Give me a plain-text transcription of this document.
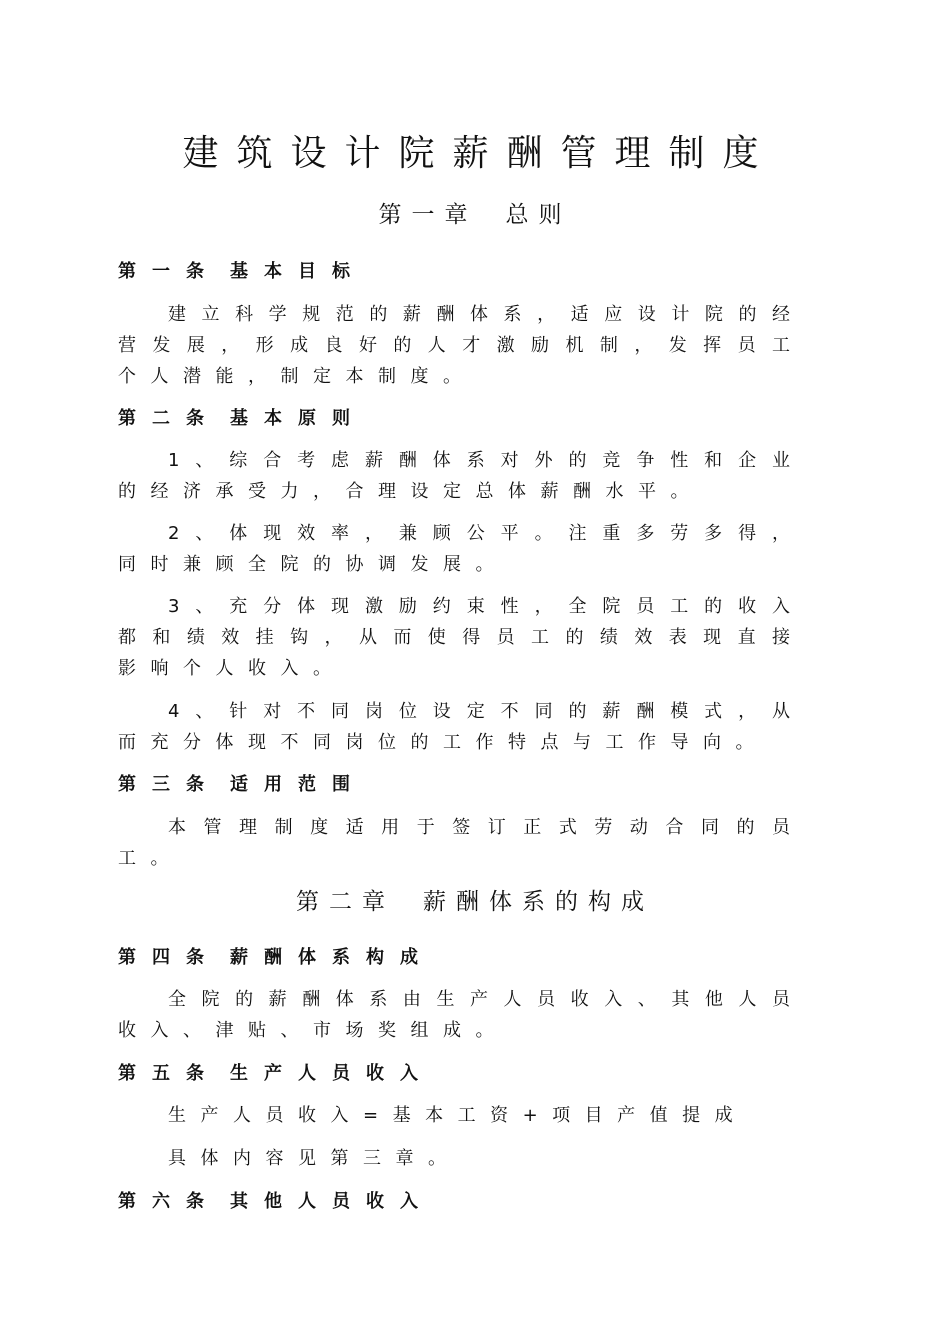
建筑设计院薪酬管理制度
第一章 总则
第一条 基本目标
建立科学规范的薪酬体系，适应设计院的经
营发展，形成良好的人才激励机制，发挥员工
个人潜能，制定本制度。
第二条 基本原则
1、综合考虑薪酬体系对外的竞争性和企业
的经济承受力，合理设定总体薪酬水平。
2、体现效率，兼顾公平。注重多劳多得，
同时兼顾全院的协调发展。
3、充分体现激励约束性，全院员工的收入
都和绩效挂钩，从而使得员工的绩效表现直接
影响个人收入。
4、针对不同岗位设定不同的薪酬模式，从
而充分体现不同岗位的工作特点与工作导向。
第三条 适用范围
本管理制度适用于签订正式劳动合同的员
工。
第二章 薪酬体系的构成
第四条 薪酬体系构成
全院的薪酬体系由生产人员收入、其他人员
收入、津贴、市场奖组成。
第五条 生产人员收入
生产人员收入=基本工资+项目产值提成
具体内容见第三章。
第六条 其他人员收入
